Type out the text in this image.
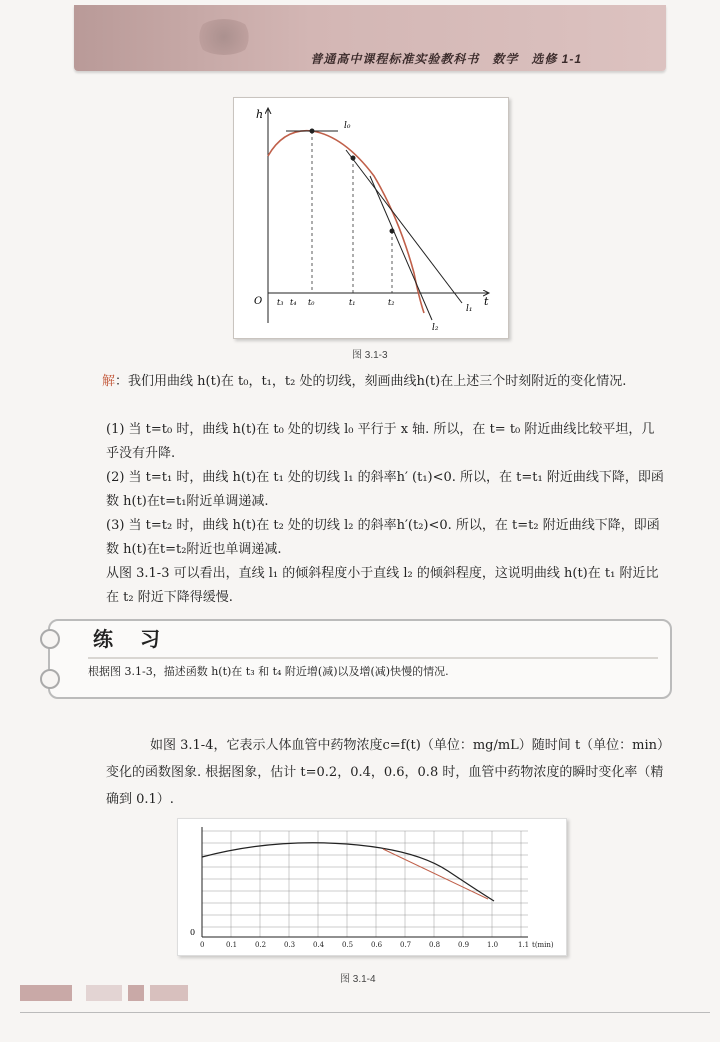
普通高中课程标准实验教科书　数学　选修 1-1
h
t
O
l₀
l₁
l₂
t₃ t₄ t₀	t₁	t₂
图 3.1-3
解：我们用曲线 h(t)在 t₀，t₁，t₂ 处的切线，刻画曲线h(t)在上述三个时刻附近的变化情况.
(1) 当 t=t₀ 时，曲线 h(t)在 t₀ 处的切线 l₀ 平行于 x 轴. 所以，在 t= t₀ 附近曲线比较平坦，几乎没有升降.
(2) 当 t=t₁ 时，曲线 h(t)在 t₁ 处的切线 l₁ 的斜率h′ (t₁)<0. 所以，在 t=t₁ 附近曲线下降，即函数 h(t)在t=t₁附近单调递减.
(3) 当 t=t₂ 时，曲线 h(t)在 t₂ 处的切线 l₂ 的斜率h′(t₂)<0. 所以，在 t=t₂ 附近曲线下降，即函数 h(t)在t=t₂附近也单调递减.
从图 3.1-3 可以看出，直线 l₁ 的倾斜程度小于直线 l₂ 的倾斜程度，这说明曲线 h(t)在 t₁ 附近比在 t₂ 附近下降得缓慢.
练 习
根据图 3.1-3，描述函数 h(t)在 t₃ 和 t₄ 附近增(减)以及增(减)快慢的情况.
如图 3.1-4，它表示人体血管中药物浓度c=f(t)（单位：mg/mL）随时间 t（单位：min）变化的函数图象. 根据图象，估计 t=0.2，0.4，0.6，0.8 时，血管中药物浓度的瞬时变化率（精确到 0.1）.
0
0	0.1	0.2	0.3	0.4	0.5	0.6	0.7	0.8	0.9	1.0	1.1 t(min)
图 3.1-4
